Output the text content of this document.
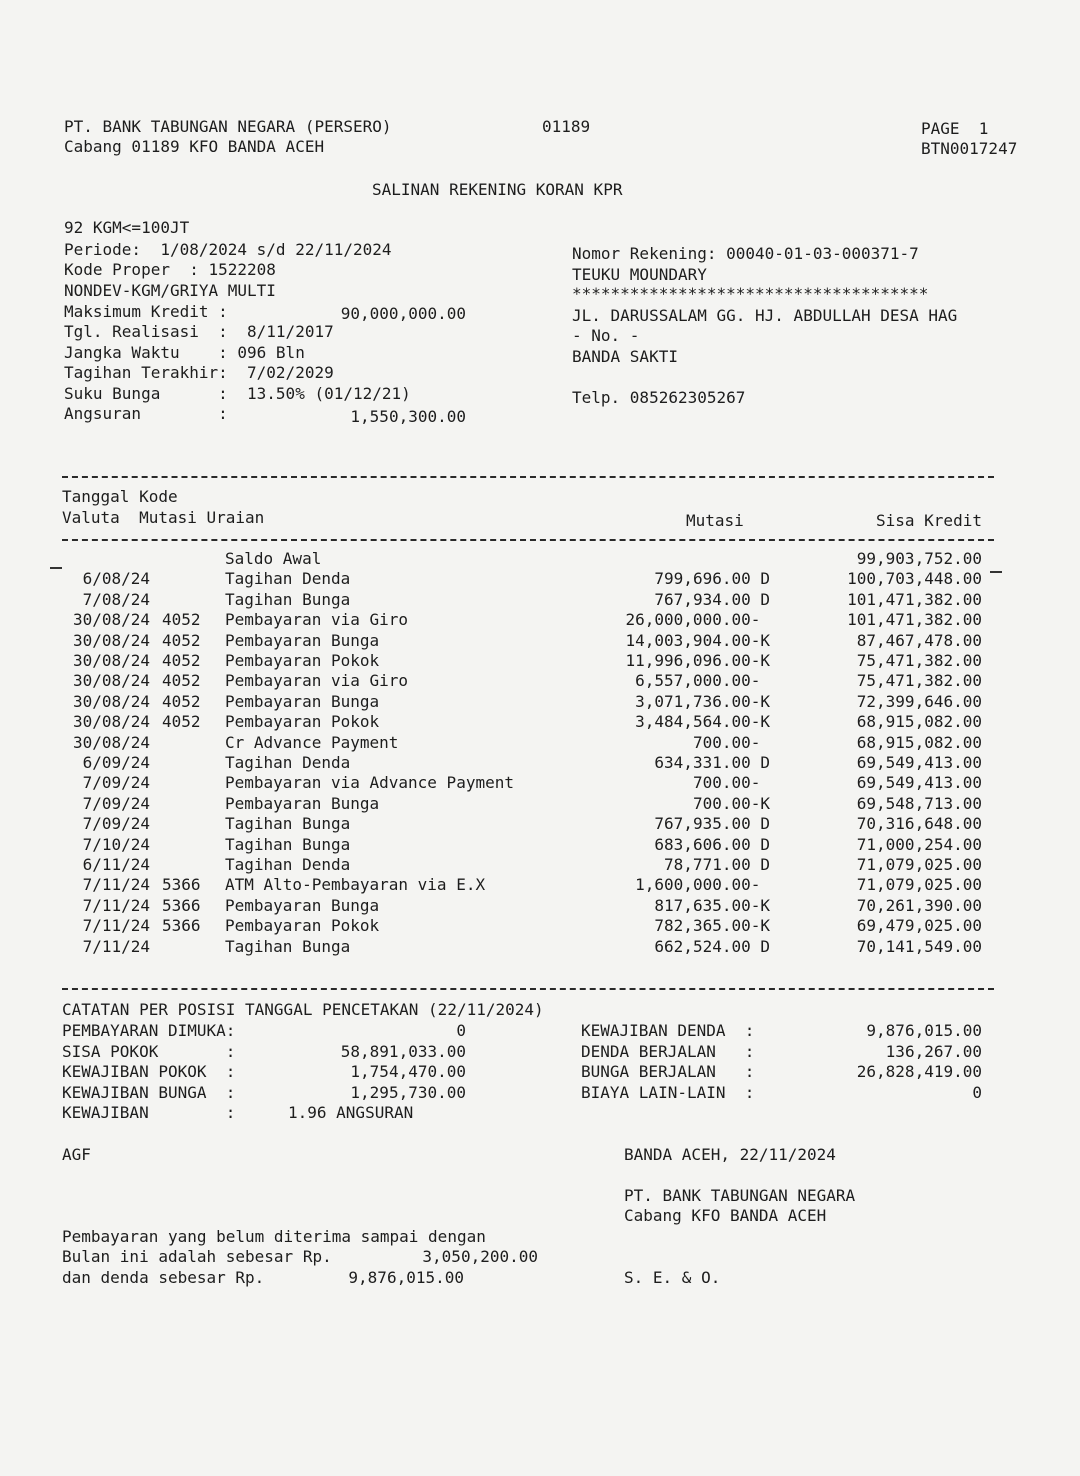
PT. BANK TABUNGAN NEGARA (PERSERO)	01189	PAGE  1
Cabang 01189 KFO BANDA ACEH	BTN0017247
SALINAN REKENING KORAN KPR
92 KGM<=100JT
Periode:  1/08/2024 s/d 22/11/2024
Kode Proper  : 1522208
NONDEV-KGM/GRIYA MULTI
Maksimum Kredit :	90,000,000.00
Tgl. Realisasi  :  8/11/2017
Jangka Waktu    : 096 Bln
Tagihan Terakhir:  7/02/2029
Suku Bunga      :  13.50% (01/12/21)
Angsuran        :	1,550,300.00
Nomor Rekening: 00040-01-03-000371-7
TEUKU MOUNDARY
*************************************
JL. DARUSSALAM GG. HJ. ABDULLAH DESA HAG
- No. -
BANDA SAKTI
Telp. 085262305267
Tanggal Kode
Valuta  Mutasi Uraian	Mutasi	Sisa Kredit
Saldo Awal	99,903,752.00
6/08/24	Tagihan Denda	799,696.00 D	100,703,448.00
7/08/24	Tagihan Bunga	767,934.00 D	101,471,382.00
30/08/24 4052 Pembayaran via Giro	26,000,000.00-	101,471,382.00
30/08/24 4052 Pembayaran Bunga	14,003,904.00-K	87,467,478.00
30/08/24 4052 Pembayaran Pokok	11,996,096.00-K	75,471,382.00
30/08/24 4052 Pembayaran via Giro	6,557,000.00-	75,471,382.00
30/08/24 4052 Pembayaran Bunga	3,071,736.00-K	72,399,646.00
30/08/24 4052 Pembayaran Pokok	3,484,564.00-K	68,915,082.00
30/08/24	Cr Advance Payment	700.00-	68,915,082.00
6/09/24	Tagihan Denda	634,331.00 D	69,549,413.00
7/09/24	Pembayaran via Advance Payment	700.00-	69,549,413.00
7/09/24	Pembayaran Bunga	700.00-K	69,548,713.00
7/09/24	Tagihan Bunga	767,935.00 D	70,316,648.00
7/10/24	Tagihan Bunga	683,606.00 D	71,000,254.00
6/11/24	Tagihan Denda	78,771.00 D	71,079,025.00
7/11/24 5366 ATM Alto-Pembayaran via E.X	1,600,000.00-	71,079,025.00
7/11/24 5366 Pembayaran Bunga	817,635.00-K	70,261,390.00
7/11/24 5366 Pembayaran Pokok	782,365.00-K	69,479,025.00
7/11/24	Tagihan Bunga	662,524.00 D	70,141,549.00
CATATAN PER POSISI TANGGAL PENCETAKAN (22/11/2024)
PEMBAYARAN DIMUKA:	0
SISA POKOK       :	58,891,033.00
KEWAJIBAN POKOK  :	1,754,470.00
KEWAJIBAN BUNGA  :	1,295,730.00
KEWAJIBAN        :	1.96 ANGSURAN
KEWAJIBAN DENDA  :	9,876,015.00
DENDA BERJALAN   :	136,267.00
BUNGA BERJALAN   :	26,828,419.00
BIAYA LAIN-LAIN  :	0
AGF	BANDA ACEH, 22/11/2024
PT. BANK TABUNGAN NEGARA
Cabang KFO BANDA ACEH
Pembayaran yang belum diterima sampai dengan
Bulan ini adalah sebesar Rp.	3,050,200.00
dan denda sebesar Rp.	9,876,015.00	S. E. & O.
